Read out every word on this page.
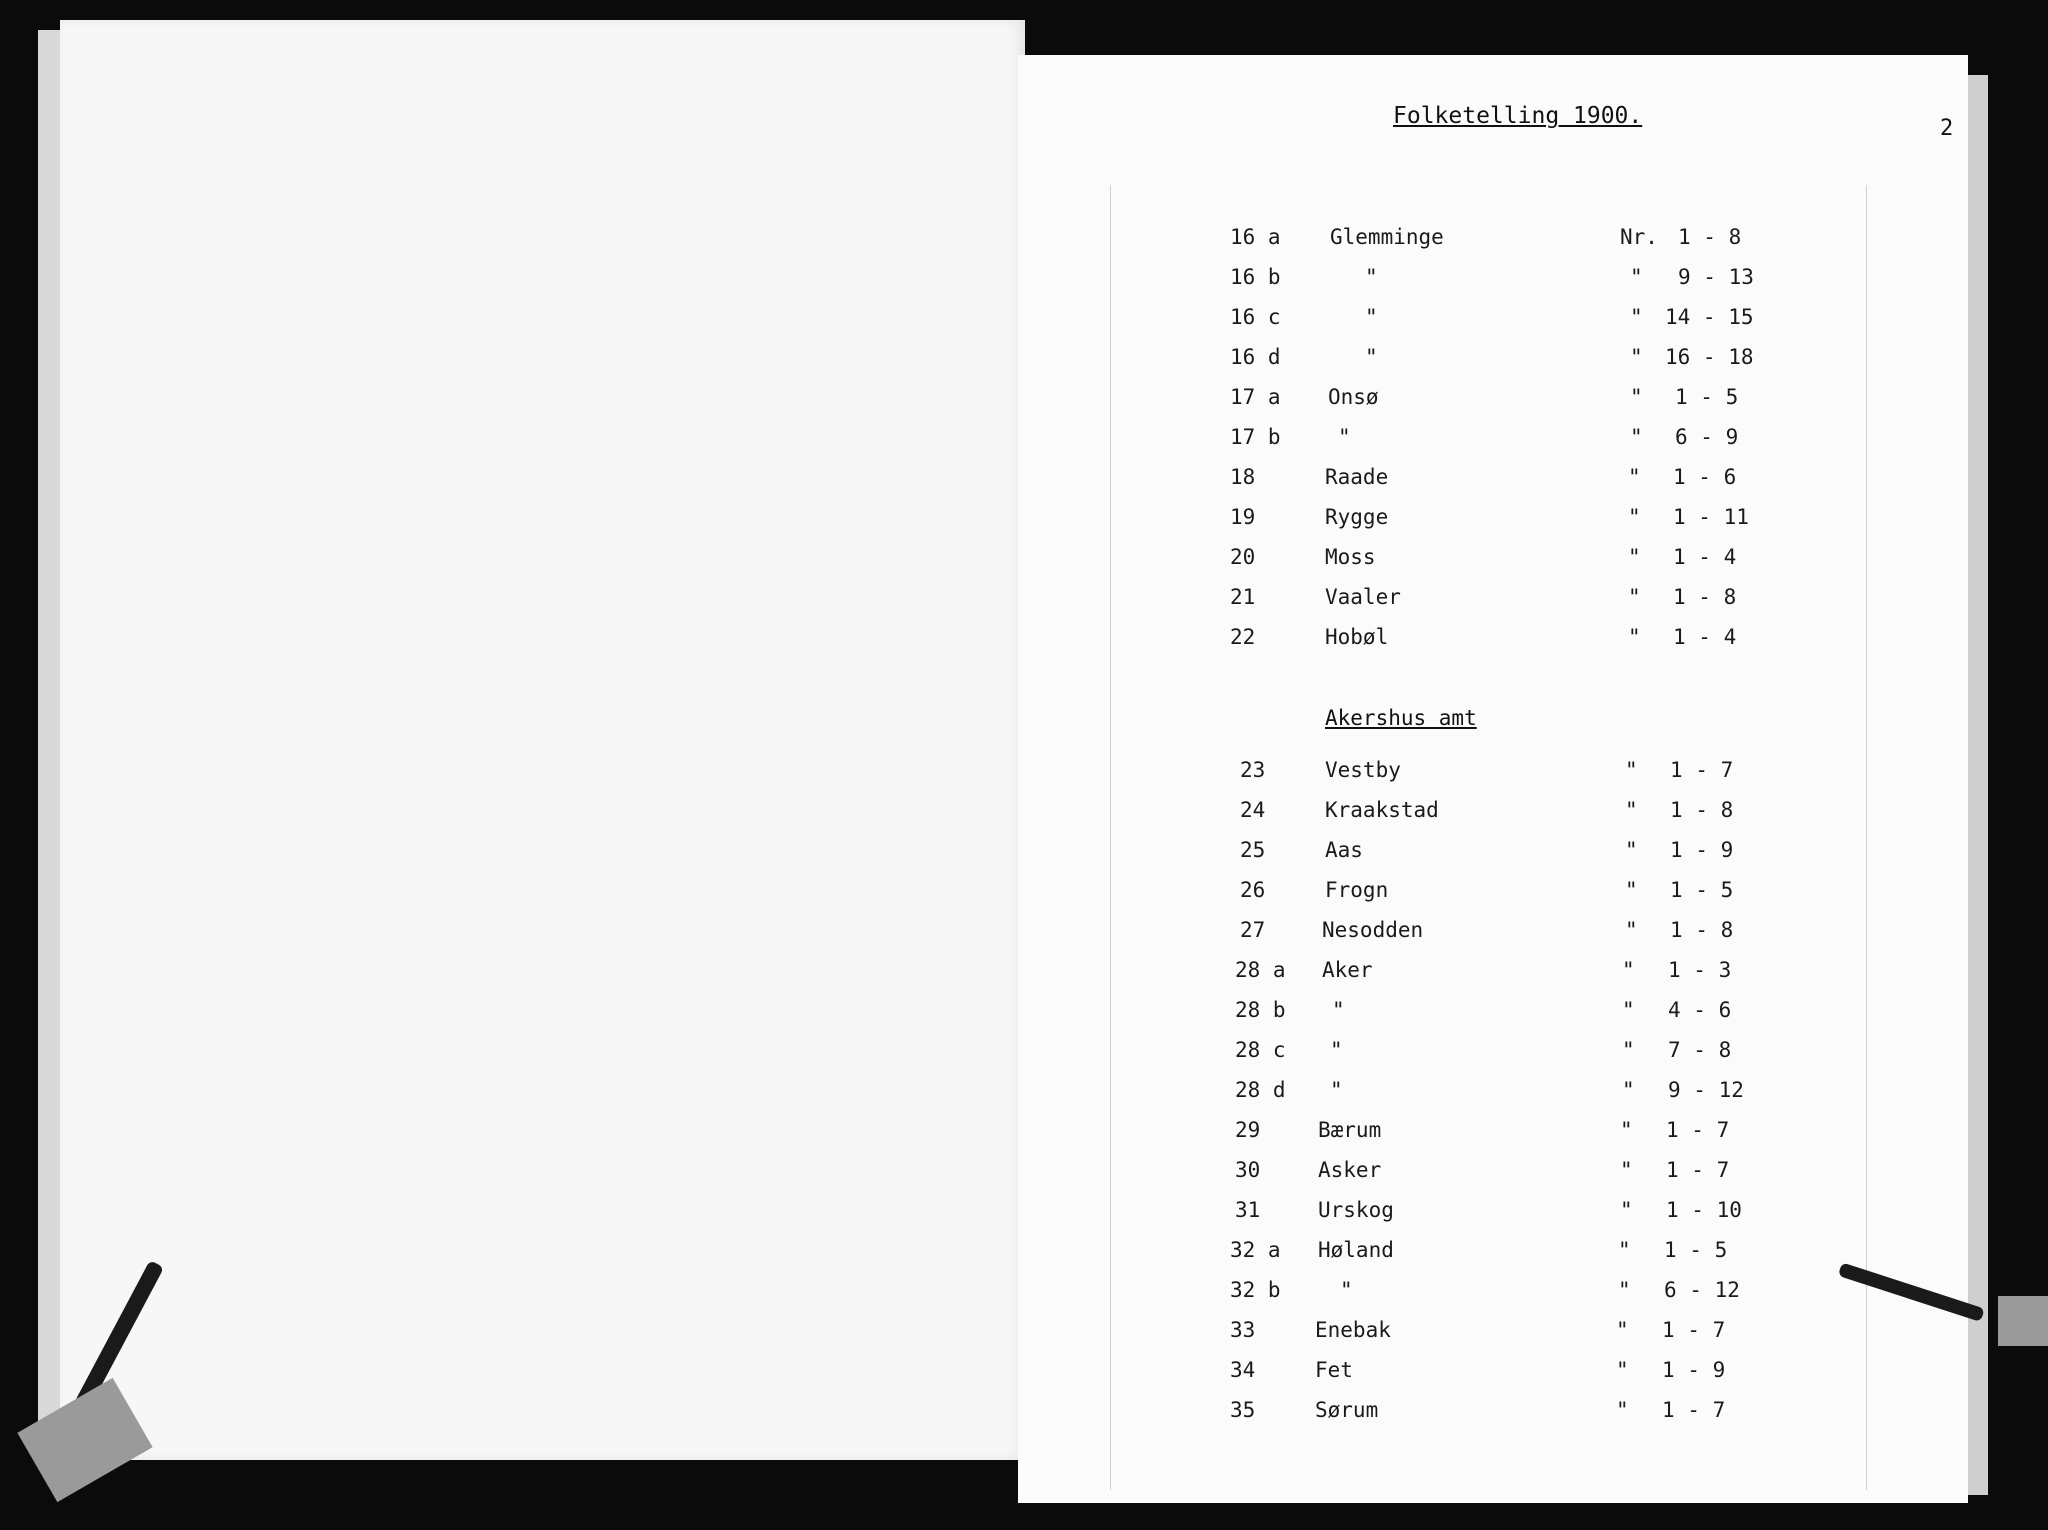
Folketelling 1900.	2
16 a Glemminge	Nr. 1 - 8
16 b	"	" 9 - 13
16 c	"	" 14 - 15
16 d	"	" 16 - 18
17 a Onsø	" 1 - 5
17 b	"	" 6 - 9
18	Raade	" 1 - 6
19	Rygge	" 1 - 11
20	Moss	" 1 - 4
21	Vaaler	" 1 - 8
22	Hobøl	" 1 - 4
Akershus amt
23	Vestby	" 1 - 7
24	Kraakstad	" 1 - 8
25	Aas	" 1 - 9
26	Frogn	" 1 - 5
27	Nesodden	" 1 - 8
28 a Aker	" 1 - 3
28 b "	" 4 - 6
28 c "	" 7 - 8
28 d "	" 9 - 12
29	Bærum	" 1 - 7
30	Asker	" 1 - 7
31	Urskog	" 1 - 10
32 a Høland	" 1 - 5
32 b	"	" 6 - 12
33	Enebak	" 1 - 7
34	Fet	" 1 - 9
35	Sørum	" 1 - 7
